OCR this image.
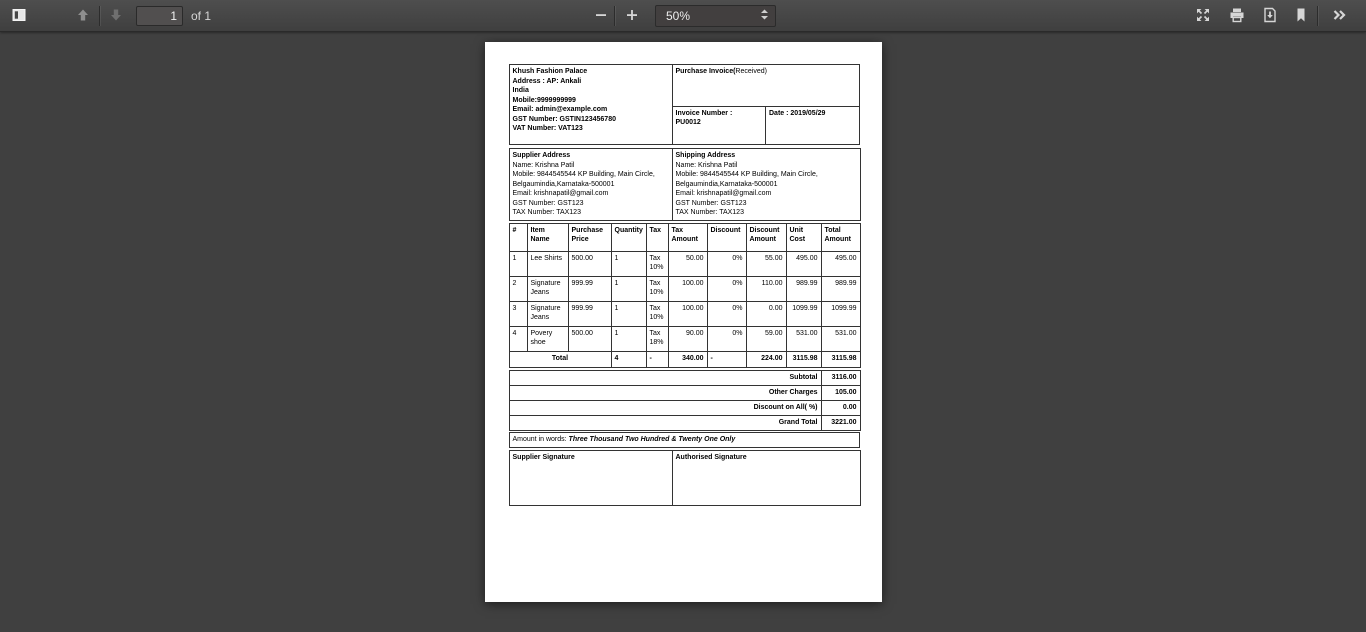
1
of 1	50%
Khush Fashion Palace
Address : AP: Ankali
India
Mobile:9999999999
Email: admin@example.com
GST Number: GSTIN123456780
VAT Number: VAT123
	Purchase Invoice(Received)

	Invoice Number :
PU0012	Date : 2019/05/29
Supplier Address
Name: Krishna Patil
Mobile: 9844545544 KP Building, Main Circle, Belgaumindia,Karnataka-500001
Email: krishnapatil@gmail.com
GST Number: GST123
TAX Number: TAX123

Shipping Address
Name: Krishna Patil
Mobile: 9844545544 KP Building, Main Circle, Belgaumindia,Karnataka-500001
Email: krishnapatil@gmail.com
GST Number: GST123
TAX Number: TAX123
#	Item Name	Purchase Price	Quantity	Tax	Tax Amount	Discount	Discount Amount	Unit Cost	Total Amount
1	Lee Shirts	500.00	1	Tax 10%	50.00	0%	55.00	495.00	495.00
2	Signature Jeans	999.99	1	Tax 10%	100.00	0%	110.00	989.99	989.99
3	Signature Jeans	999.99	1	Tax 10%	100.00	0%	0.00	1099.99	1099.99
4	Povery shoe	500.00	1	Tax 18%	90.00	0%	59.00	531.00	531.00
Total			4	-	340.00	-	224.00	3115.98	3115.98
Subtotal	3116.00
Other Charges	105.00
Discount on All( %)	0.00
Grand Total	3221.00
Amount in words: Three Thousand Two Hundred & Twenty One Only
Supplier Signature	Authorised Signature
